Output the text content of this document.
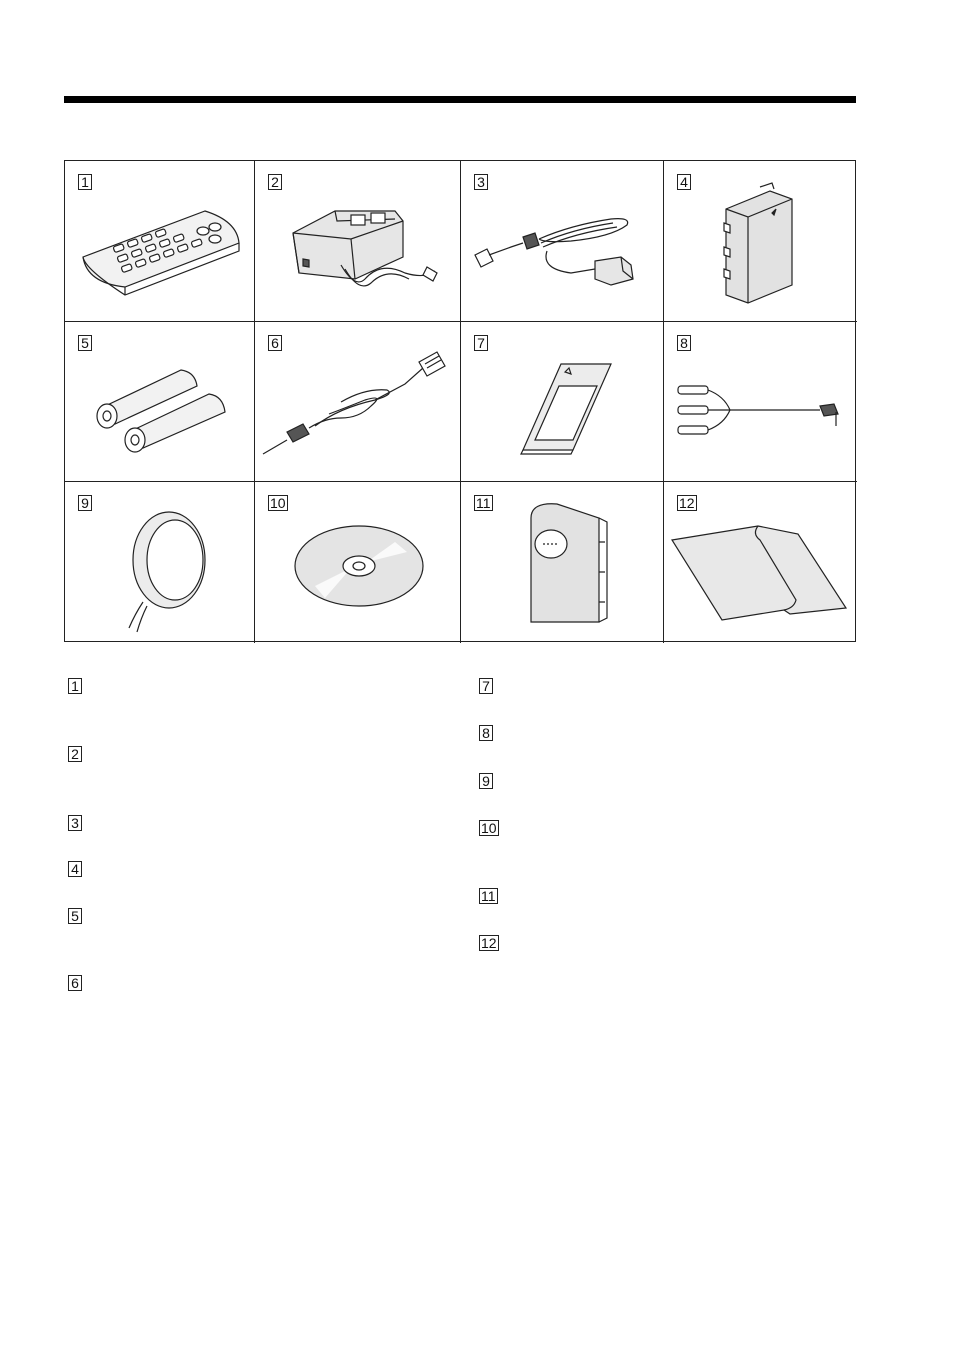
1	2	3	4
5	6	7	8
9	10	11	12
1
2
3
4
5
6
7
8
9
10
11
12
